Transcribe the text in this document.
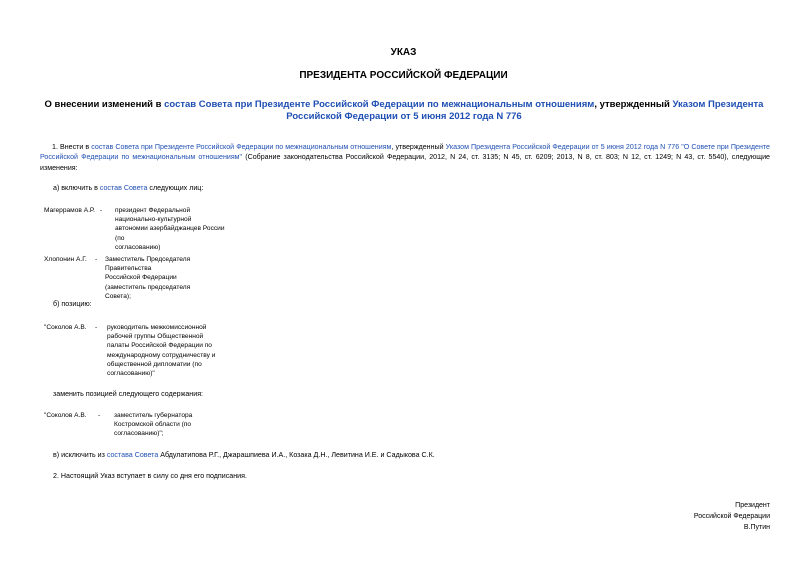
УКАЗ
ПРЕЗИДЕНТА РОССИЙСКОЙ ФЕДЕРАЦИИ
О внесении изменений в состав Совета при Президенте Российской Федерации по межнациональным отношениям, утвержденный Указом Президента Российской Федерации от 5 июня 2012 года N 776
1. Внести в состав Совета при Президенте Российской Федерации по межнациональным отношениям, утвержденный Указом Президента Российской Федерации от 5 июня 2012 года N 776 "О Совете при Президенте Российской Федерации по межнациональным отношениям" (Собрание законодательства Российской Федерации, 2012, N 24, ст. 3135; N 45, ст. 6209; 2013, N 8, ст. 803; N 12, ст. 1249; N 43, ст. 5540), следующие изменения:
а) включить в состав Совета следующих лиц:
Магеррамов А.Р. - президент Федеральной
национально-культурной
автономии азербайджанцев России
(по
согласованию)
Хлопонин А.Г. - Заместитель Председателя
Правительства
Российской Федерации
(заместитель председателя
Совета);
б) позицию:
"Соколов А.В. - руководитель межкомиссионной
рабочей группы Общественной
палаты Российской Федерации по
международному сотрудничеству и
общественной дипломатии (по
согласованию)"
заменить позицией следующего содержания:
"Соколов А.В. - заместитель губернатора
Костромской области (по
согласованию)";
в) исключить из состава Совета Абдулатипова Р.Г., Джарашпиева И.А., Козака Д.Н., Левитина И.Е. и Садыкова С.К.
2. Настоящий Указ вступает в силу со дня его подписания.
Президент
Российской Федерации
В.Путин
